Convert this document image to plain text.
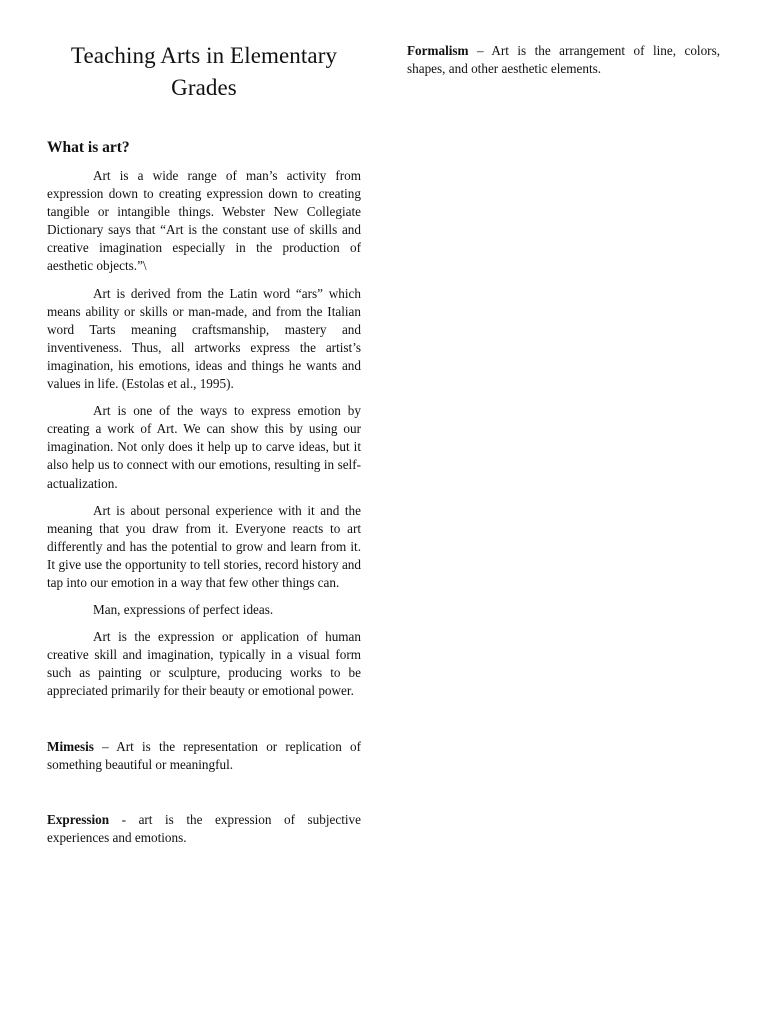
Teaching Arts in Elementary Grades
What is art?

Art is a wide range of man’s activity from expression down to creating expression down to creating tangible or intangible things. Webster New Collegiate Dictionary says that “Art is the constant use of skills and creative imagination especially in the production of aesthetic objects.”\

Art is derived from the Latin word “ars” which means ability or skills or man-made, and from the Italian word Tarts meaning craftsmanship, mastery and inventiveness. Thus, all artworks express the artist’s imagination, his emotions, ideas and things he wants and values in life. (Estolas et al., 1995).

Art is one of the ways to express emotion by creating a work of Art. We can show this by using our imagination. Not only does it help up to carve ideas, but it also help us to connect with our emotions, resulting in self-actualization.

Art is about personal experience with it and the meaning that you draw from it. Everyone reacts to art differently and has the potential to grow and learn from it. It give use the opportunity to tell stories, record history and tap into our emotion in a way that few other things can.

Man, expressions of perfect ideas.

Art is the expression or application of human creative skill and imagination, typically in a visual form such as painting or sculpture, producing works to be appreciated primarily for their beauty or emotional power.

Mimesis – Art is the representation or replication of something beautiful or meaningful.

Expression - art is the expression of subjective experiences and emotions.

Formalism – Art is the arrangement of line, colors, shapes, and other aesthetic elements.
